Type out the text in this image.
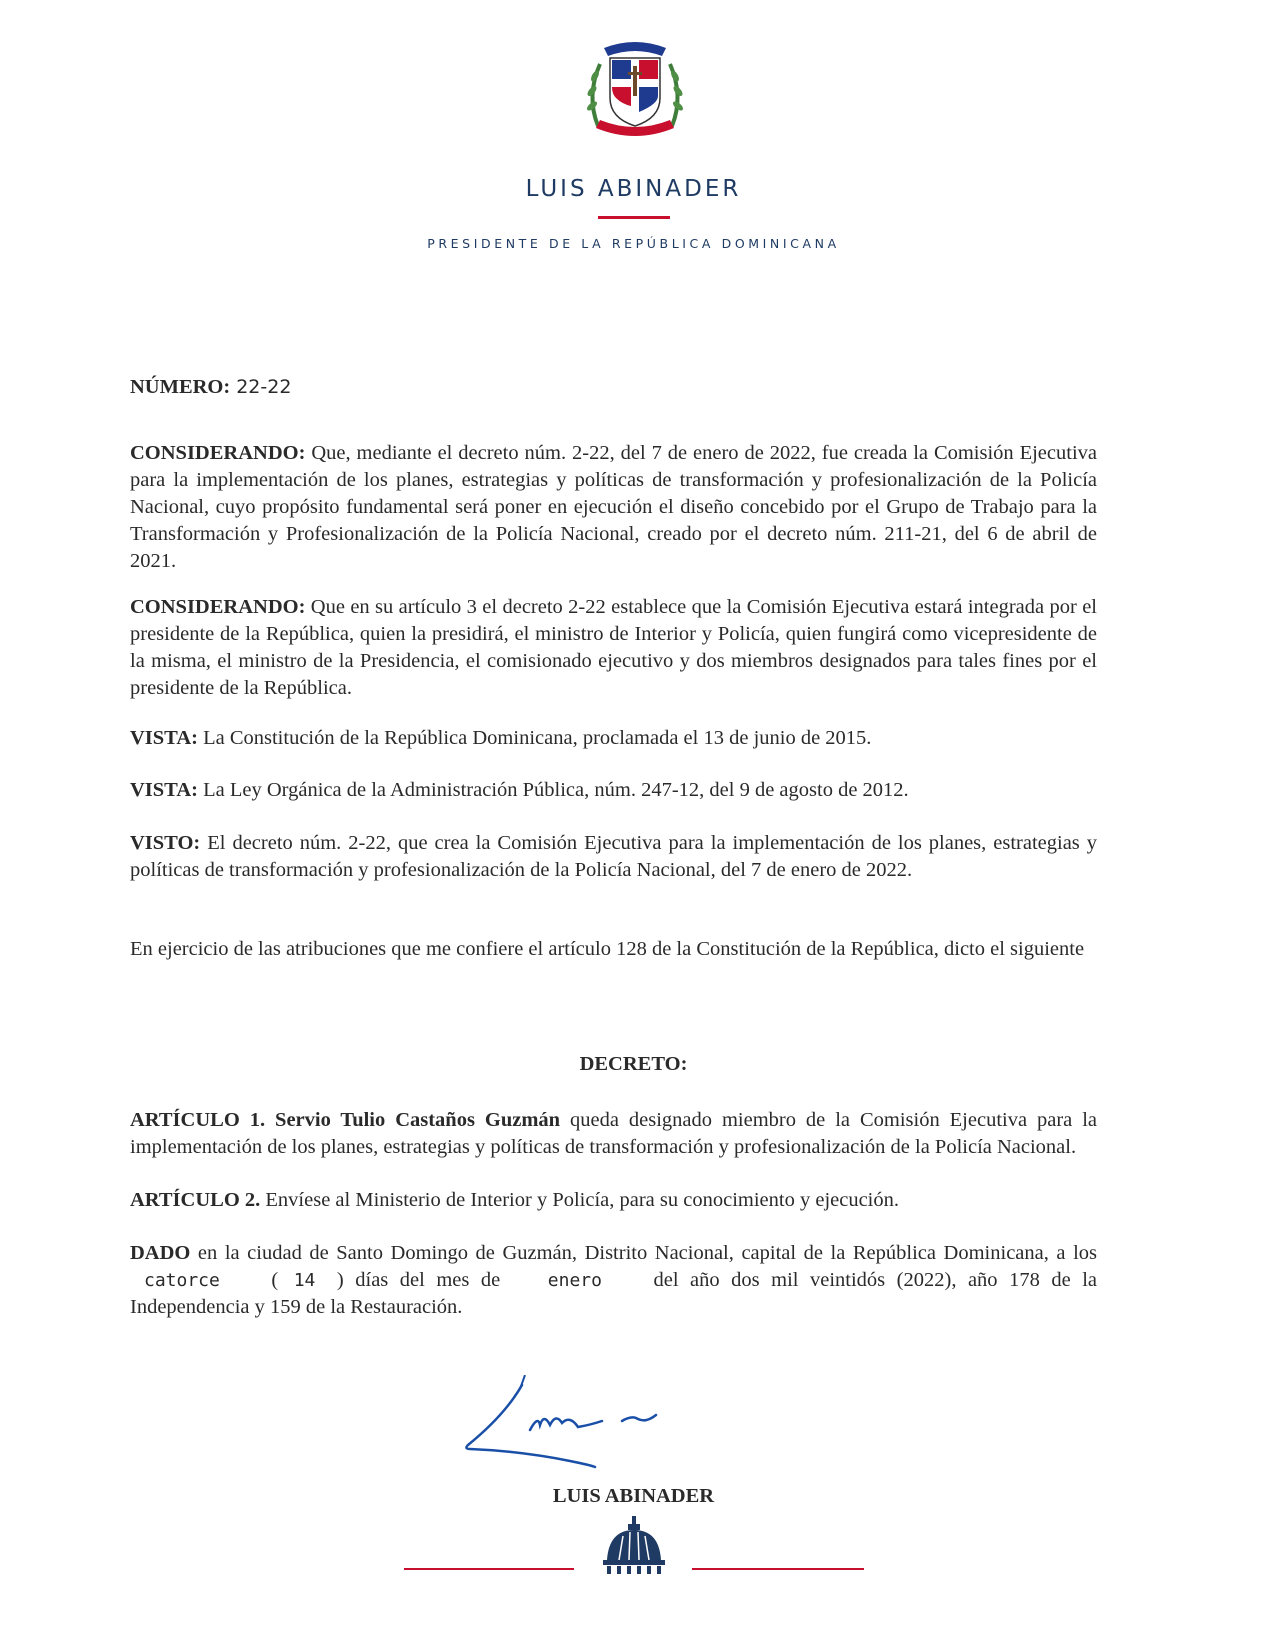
LUIS ABINADER
PRESIDENTE DE LA REPÚBLICA DOMINICANA
NÚMERO: 22-22

CONSIDERANDO: Que, mediante el decreto núm. 2-22, del 7 de enero de 2022, fue creada la Comisión Ejecutiva para la implementación de los planes, estrategias y políticas de transformación y profesionalización de la Policía Nacional, cuyo propósito fundamental será poner en ejecución el diseño concebido por el Grupo de Trabajo para la Transformación y Profesionalización de la Policía Nacional, creado por el decreto núm. 211-21, del 6 de abril de 2021.

CONSIDERANDO: Que en su artículo 3 el decreto 2-22 establece que la Comisión Ejecutiva estará integrada por el presidente de la República, quien la presidirá, el ministro de Interior y Policía, quien fungirá como vicepresidente de la misma, el ministro de la Presidencia, el comisionado ejecutivo y dos miembros designados para tales fines por el presidente de la República.

VISTA: La Constitución de la República Dominicana, proclamada el 13 de junio de 2015.

VISTA: La Ley Orgánica de la Administración Pública, núm. 247-12, del 9 de agosto de 2012.

VISTO: El decreto núm. 2-22, que crea la Comisión Ejecutiva para la implementación de los planes, estrategias y políticas de transformación y profesionalización de la Policía Nacional, del 7 de enero de 2022.

En ejercicio de las atribuciones que me confiere el artículo 128 de la Constitución de la República, dicto el siguiente

DECRETO:

ARTÍCULO 1. Servio Tulio Castaños Guzmán queda designado miembro de la Comisión Ejecutiva para la implementación de los planes, estrategias y políticas de transformación y profesionalización de la Policía Nacional.

ARTÍCULO 2. Envíese al Ministerio de Interior y Policía, para su conocimiento y ejecución.

DADO en la ciudad de Santo Domingo de Guzmán, Distrito Nacional, capital de la República Dominicana, a los catorce	( 14 ) días del mes de	enero	del año dos mil veintidós (2022), año 178 de la Independencia y 159 de la Restauración.

LUIS ABINADER
